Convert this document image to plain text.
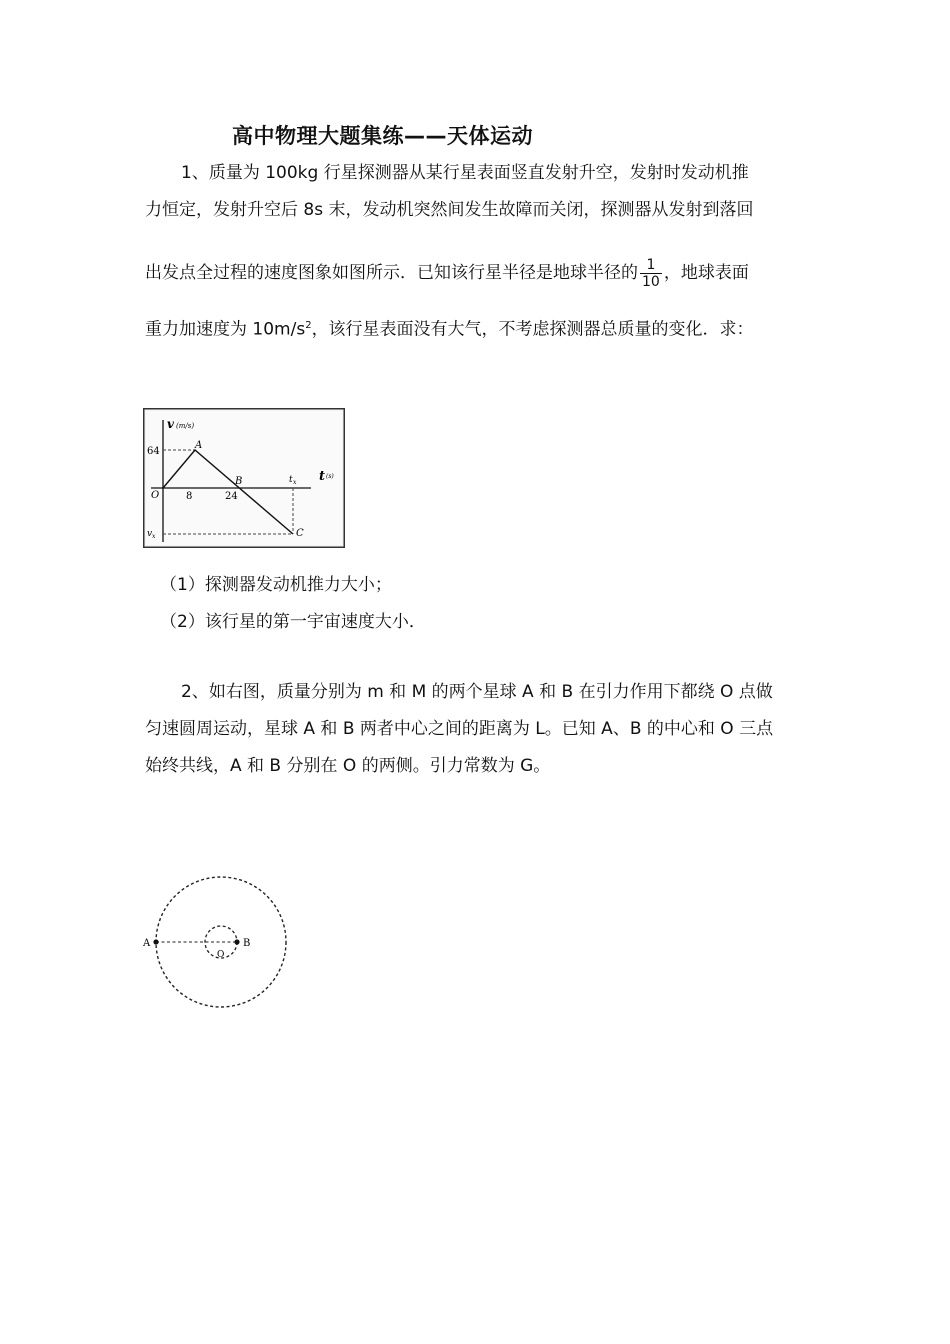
高中物理大题集练——天体运动
1、质量为 100kg 行星探测器从某行星表面竖直发射升空，发射时发动机推
力恒定，发射升空后 8s 末，发动机突然间发生故障而关闭，探测器从发射到落回
出发点全过程的速度图象如图所示．已知该行星半径是地球半径的 $\frac{1}{10}$ ，地球表面
重力加速度为 $10m/s^2$，该行星表面没有大气，不考虑探测器总质量的变化．求：
v (m/s)
64
A
O	8
B
24
t x t (s)
v x	C
（1）探测器发动机推力大小；
（2）该行星的第一宇宙速度大小．
2、如右图，质量分别为 m 和 M 的两个星球 A 和 B 在引力作用下都绕 O 点做
匀速圆周运动，星球 A 和 B 两者中心之间的距离为 L。已知 A、B 的中心和 O 三点
始终共线，A 和 B 分别在 O 的两侧。引力常数为 G。
A	B
O
